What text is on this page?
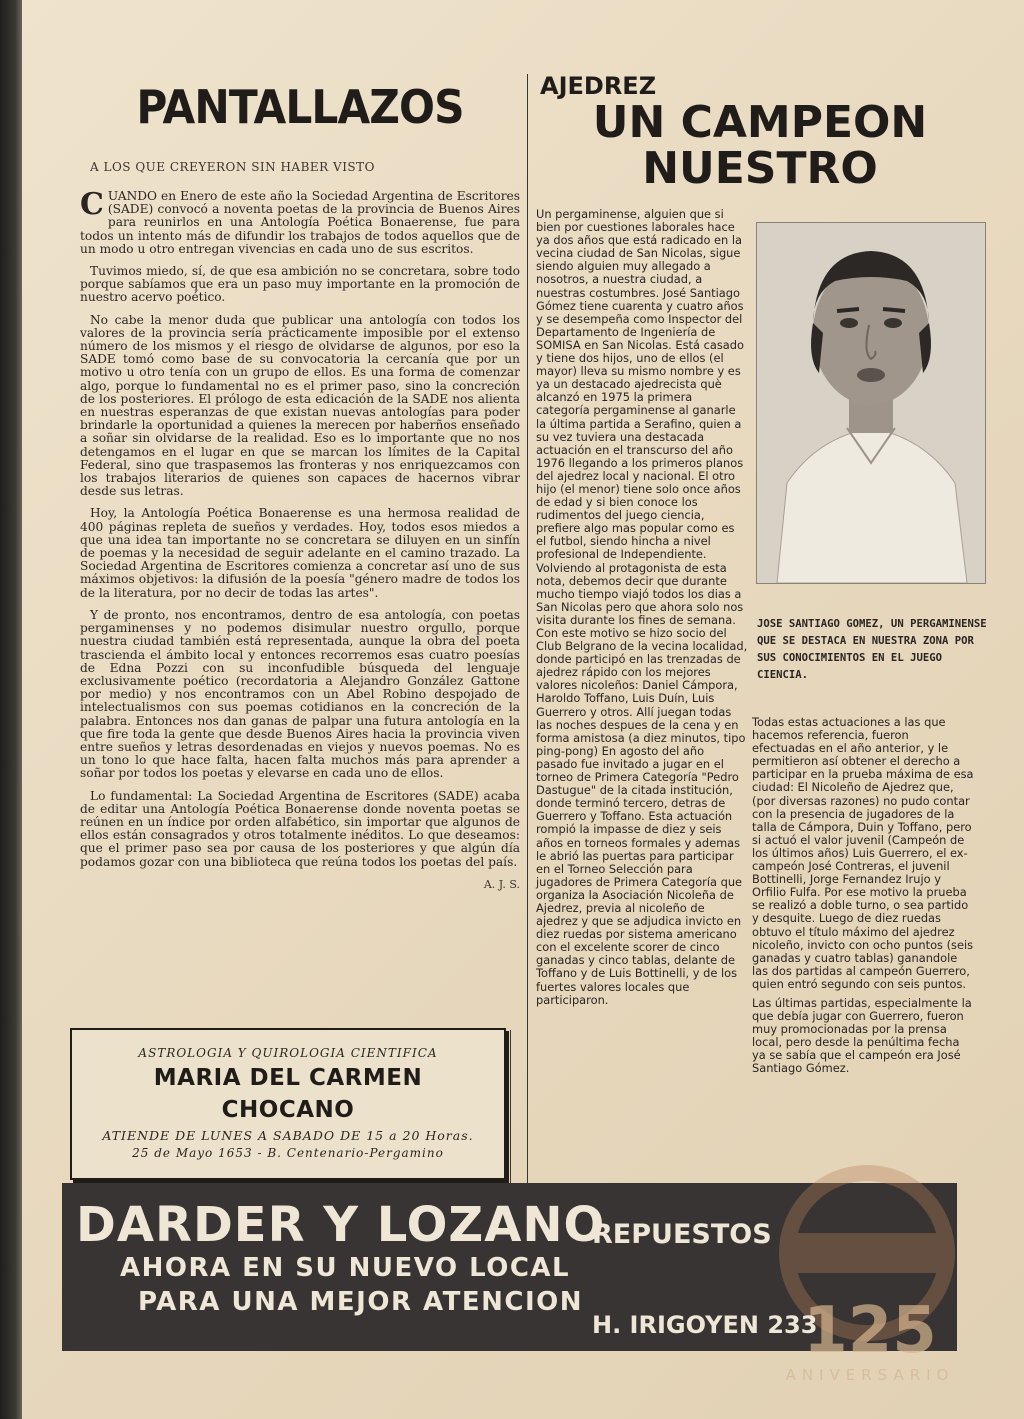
PANTALLAZOS
A LOS QUE CREYERON SIN HABER VISTO

CUANDO en Enero de este año la Sociedad Argentina de Escritores (SADE) convocó a noventa poetas de la provincia de Buenos Aires para reunirlos en una Antología Poética Bonaerense, fue para todos un intento más de difundir los trabajos de todos aquellos que de un modo u otro entregan vivencias en cada uno de sus escritos.

Tuvimos miedo, sí, de que esa ambición no se concretara, sobre todo porque sabíamos que era un paso muy importante en la promoción de nuestro acervo poético.

No cabe la menor duda que publicar una antología con todos los valores de la provincia sería prácticamente imposible por el extenso número de los mismos y el riesgo de olvidarse de algunos, por eso la SADE tomó como base de su convocatoria la cercanía que por un motivo u otro tenía con un grupo de ellos. Es una forma de comenzar algo, porque lo fundamental no es el primer paso, sino la concreción de los posteriores. El prólogo de esta edicación de la SADE nos alienta en nuestras esperanzas de que existan nuevas antologías para poder brindarle la oportunidad a quienes la merecen por haberños enseñado a soñar sin olvidarse de la realidad. Eso es lo importante que no nos detengamos en el lugar en que se marcan los límites de la Capital Federal, sino que traspasemos las fronteras y nos enriquezcamos con los trabajos literarios de quienes son capaces de hacernos vibrar desde sus letras.

Hoy, la Antología Poética Bonaerense es una hermosa realidad de 400 páginas repleta de sueños y verdades. Hoy, todos esos miedos a que una idea tan importante no se concretara se diluyen en un sinfín de poemas y la necesidad de seguir adelante en el camino trazado. La Sociedad Argentina de Escritores comienza a concretar así uno de sus máximos objetivos: la difusión de la poesía "género madre de todos los de la literatura, por no decir de todas las artes".

Y de pronto, nos encontramos, dentro de esa antología, con poetas pergaminenses y no podemos disimular nuestro orgullo, porque nuestra ciudad también está representada, aunque la obra del poeta trascienda el ámbito local y entonces recorremos esas cuatro poesías de Edna Pozzi con su inconfudible búsqueda del lenguaje exclusivamente poético (recordatoria a Alejandro González Gattone por medio) y nos encontramos con un Abel Robino despojado de intelectualismos con sus poemas cotidianos en la concreción de la palabra. Entonces nos dan ganas de palpar una futura antología en la que fire toda la gente que desde Buenos Aires hacia la provincia viven entre sueños y letras desordenadas en viejos y nuevos poemas. No es un tono lo que hace falta, hacen falta muchos más para aprender a soñar por todos los poetas y elevarse en cada uno de ellos.

Lo fundamental: La Sociedad Argentina de Escritores (SADE) acaba de editar una Antología Poética Bonaerense donde noventa poetas se reúnen en un índice por orden alfabético, sin importar que algunos de ellos están consagrados y otros totalmente inéditos. Lo que deseamos: que el primer paso sea por causa de los posteriores y que algún día podamos gozar con una biblioteca que reúna todos los poetas del país.

A. J. S.
ASTROLOGIA Y QUIROLOGIA CIENTIFICA
MARIA DEL CARMEN
CHOCANO
ATIENDE DE LUNES A SABADO DE 15 a 20 Horas.
25 de Mayo 1653 - B. Centenario-Pergamino
AJEDREZ
UN CAMPEON
NUESTRO

Un pergaminense, alguien que si bien por cuestiones laborales hace ya dos años que está radicado en la vecina ciudad de San Nicolas, sigue siendo alguien muy allegado a nosotros, a nuestra ciudad, a nuestras costumbres. José Santiago Gómez tiene cuarenta y cuatro años y se desempeña como Inspector del Departamento de Ingeniería de SOMISA en San Nicolas. Está casado y tiene dos hijos, uno de ellos (el mayor) lleva su mismo nombre y es ya un destacado ajedrecista què alcanzó en 1975 la primera categoría pergaminense al ganarle la última partida a Serafino, quien a su vez tuviera una destacada actuación en el transcurso del año 1976 llegando a los primeros planos del ajedrez local y nacional. El otro hijo (el menor) tiene solo once años de edad y si bien conoce los rudimentos del juego ciencia, prefiere algo mas popular como es el futbol, siendo hincha a nivel profesional de Independiente. Volviendo al protagonista de esta nota, debemos decir que durante mucho tiempo viajó todos los dias a San Nicolas pero que ahora solo nos visita durante los fines de semana. Con este motivo se hizo socio del Club Belgrano de la vecina localidad, donde participó en las trenzadas de ajedrez rápido con los mejores valores nicoleños: Daniel Cámpora, Haroldo Toffano, Luis Duín, Luis Guerrero y otros. Allí juegan todas las noches despues de la cena y en forma amistosa (a diez minutos, tipo ping-pong) En agosto del año pasado fue invitado a jugar en el torneo de Primera Categoría "Pedro Dastugue" de la citada institución, donde terminó tercero, detras de Guerrero y Toffano. Esta actuación rompió la impasse de diez y seis años en torneos formales y ademas le abrió las puertas para participar en el Torneo Selección para jugadores de Primera Categoría que organiza la Asociación Nicoleña de Ajedrez, previa al nicoleño de ajedrez y que se adjudica invicto en diez ruedas por sistema americano con el excelente scorer de cinco ganadas y cinco tablas, delante de Toffano y de Luis Bottinelli, y de los fuertes valores locales que participaron.

JOSE SANTIAGO GOMEZ, UN PERGAMINENSE QUE SE DESTACA EN NUESTRA ZONA POR SUS CONOCIMIENTOS EN EL JUEGO CIENCIA.

Todas estas actuaciones a las que hacemos referencia, fueron efectuadas en el año anterior, y le permitieron así obtener el derecho a participar en la prueba máxima de esa ciudad: El Nicoleño de Ajedrez que, (por diversas razones) no pudo contar con la presencia de jugadores de la talla de Cámpora, Duin y Toffano, pero si actuó el valor juvenil (Campeón de los últimos años) Luis Guerrero, el ex-campeón José Contreras, el juvenil Bottinelli, Jorge Fernandez Irujo y Orfilio Fulfa. Por ese motivo la prueba se realizó a doble turno, o sea partido y desquite. Luego de diez ruedas obtuvo el título máximo del ajedrez nicoleño, invicto con ocho puntos (seis ganadas y cuatro tablas) ganandole las dos partidas al campeón Guerrero, quien entró segundo con seis puntos.

Las últimas partidas, especialmente la que debía jugar con Guerrero, fueron muy promocionadas por la prensa local, pero desde la penúltima fecha ya se sabía que el campeón era José Santiago Gómez.

DARDER Y LOZANO
REPUESTOS
AHORA EN SU NUEVO LOCAL
PARA UNA MEJOR ATENCION
H. IRIGOYEN 233
125
ANIVERSARIO
